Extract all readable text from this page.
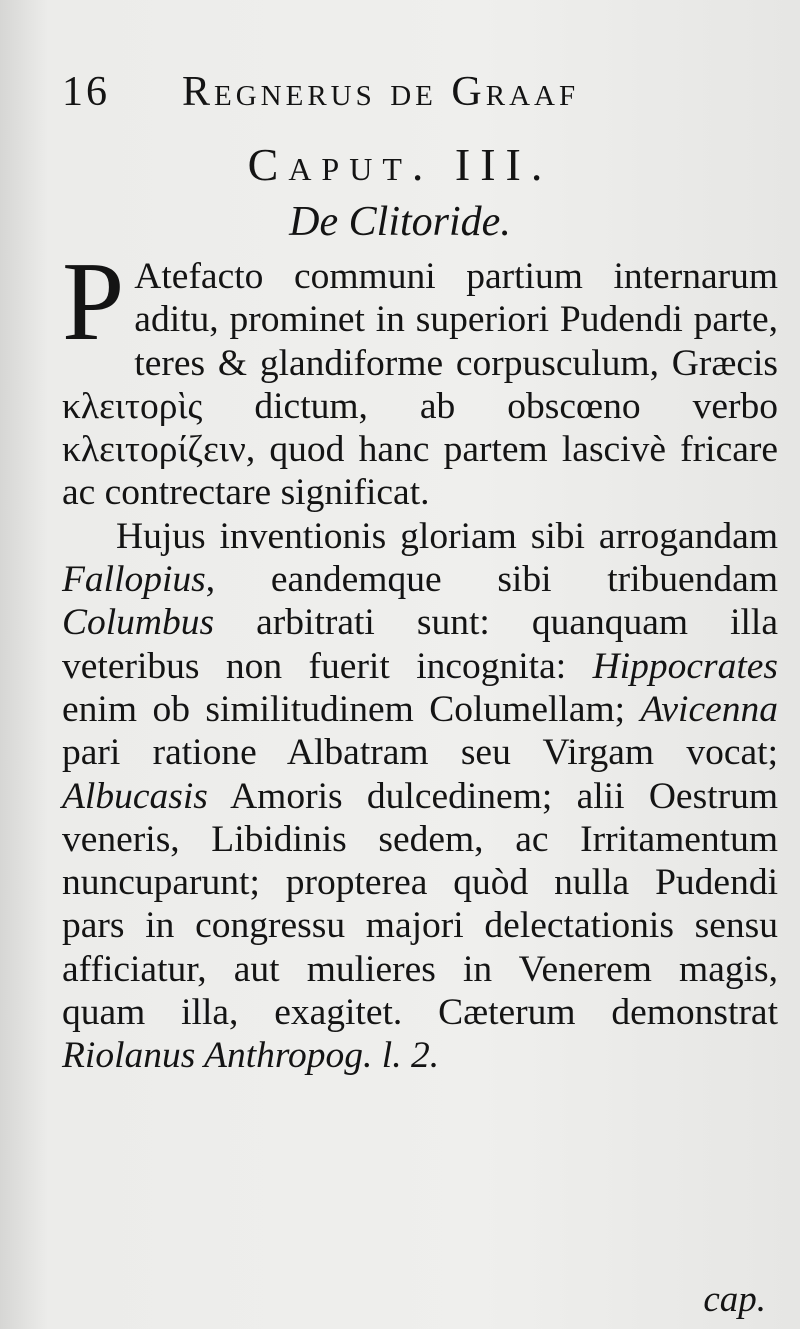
16 Regnerus de Graaf
Caput. III.
De Clitoride.

P Atefacto communi partium internarum aditu, prominet in superiori Pudendi parte, teres & glandiforme corpusculum, Græcis κλειτορὶς dictum, ab obscœno verbo κλειτορίζειν, quod hanc partem lascivè fricare ac contrectare significat.

Hujus inventionis gloriam sibi arrogandam Fallopius, eandemque sibi tribuendam Columbus arbitrati sunt: quanquam illa veteribus non fuerit incognita: Hippocrates enim ob similitudinem Columellam; Avicenna pari ratione Albatram seu Virgam vocat; Albucasis Amoris dulcedinem; alii Oestrum veneris, Libidinis sedem, ac Irritamentum nuncuparunt; propterea quòd nulla Pudendi pars in congressu majori delectationis sensu afficiatur, aut mulieres in Venerem magis, quam illa, exagitet. Cæterum demonstrat Riolanus Anthropog. l. 2.

cap.
